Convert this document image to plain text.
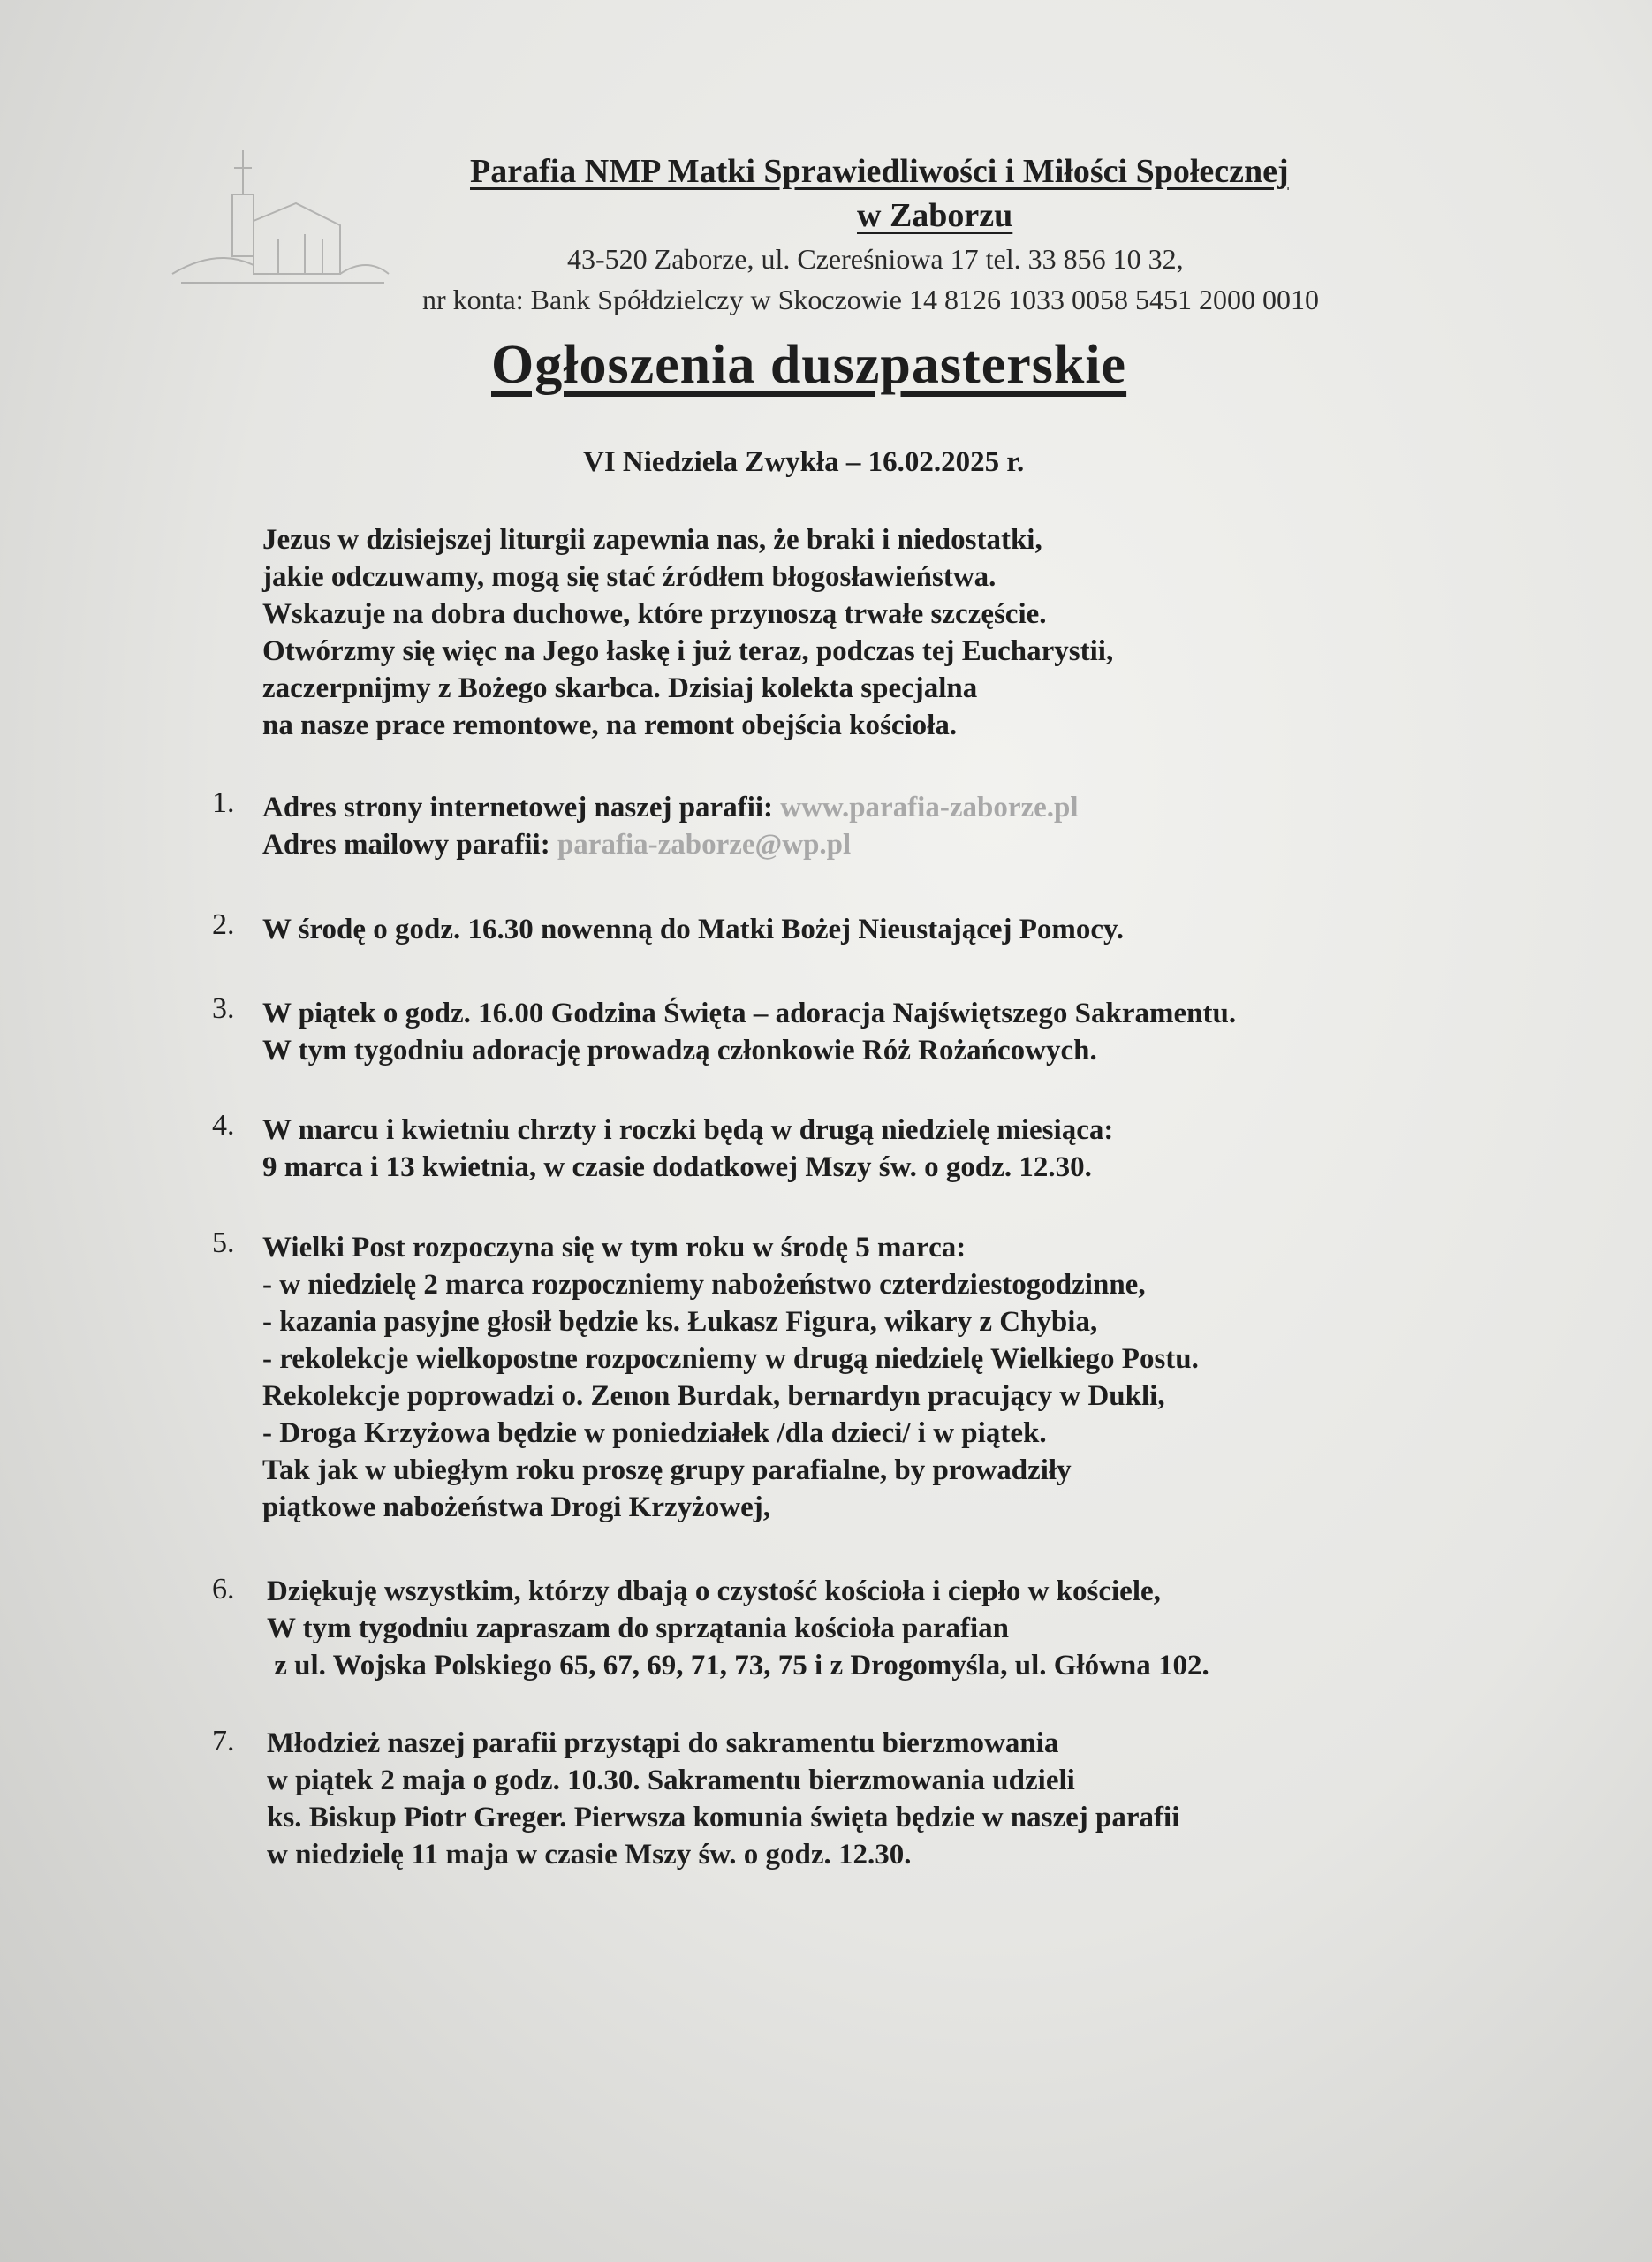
Parafia NMP Matki Sprawiedliwości i Miłości Społecznej
w Zaborzu
43-520 Zaborze, ul. Czereśniowa 17 tel. 33 856 10 32,
nr konta: Bank Spółdzielczy w Skoczowie 14 8126 1033 0058 5451 2000 0010
Ogłoszenia duszpasterskie
VI Niedziela Zwykła – 16.02.2025 r.
Jezus w dzisiejszej liturgii zapewnia nas, że braki i niedostatki,
jakie odczuwamy, mogą się stać źródłem błogosławieństwa.
Wskazuje na dobra duchowe, które przynoszą trwałe szczęście.
Otwórzmy się więc na Jego łaskę i już teraz, podczas tej Eucharystii,
zaczerpnijmy z Bożego skarbca. Dzisiaj kolekta specjalna
na nasze prace remontowe, na remont obejścia kościoła.
1. Adres strony internetowej naszej parafii: www.parafia-zaborze.pl
Adres mailowy parafii: parafia-zaborze@wp.pl
2. W środę o godz. 16.30 nowenną do Matki Bożej Nieustającej Pomocy.
3. W piątek o godz. 16.00 Godzina Święta – adoracja Najświętszego Sakramentu.
W tym tygodniu adorację prowadzą członkowie Róż Rożańcowych.
4. W marcu i kwietniu chrzty i roczki będą w drugą niedzielę miesiąca:
9 marca i 13 kwietnia, w czasie dodatkowej Mszy św. o godz. 12.30.
5. Wielki Post rozpoczyna się w tym roku w środę 5 marca:
- w niedzielę 2 marca rozpoczniemy nabożeństwo czterdziestogodzinne,
- kazania pasyjne głosił będzie ks. Łukasz Figura, wikary z Chybia,
- rekolekcje wielkopostne rozpoczniemy w drugą niedzielę Wielkiego Postu.
Rekolekcje poprowadzi o. Zenon Burdak, bernardyn pracujący w Dukli,
- Droga Krzyżowa będzie w poniedziałek /dla dzieci/ i w piątek.
Tak jak w ubiegłym roku proszę grupy parafialne, by prowadziły
piątkowe nabożeństwa Drogi Krzyżowej,
6. Dziękuję wszystkim, którzy dbają o czystość kościoła i ciepło w kościele,
W tym tygodniu zapraszam do sprzątania kościoła parafian
z ul. Wojska Polskiego 65, 67, 69, 71, 73, 75 i z Drogomyśla, ul. Główna 102.
7. Młodzież naszej parafii przystąpi do sakramentu bierzmowania
w piątek 2 maja o godz. 10.30. Sakramentu bierzmowania udzieli
ks. Biskup Piotr Greger. Pierwsza komunia święta będzie w naszej parafii
w niedzielę 11 maja w czasie Mszy św. o godz. 12.30.
